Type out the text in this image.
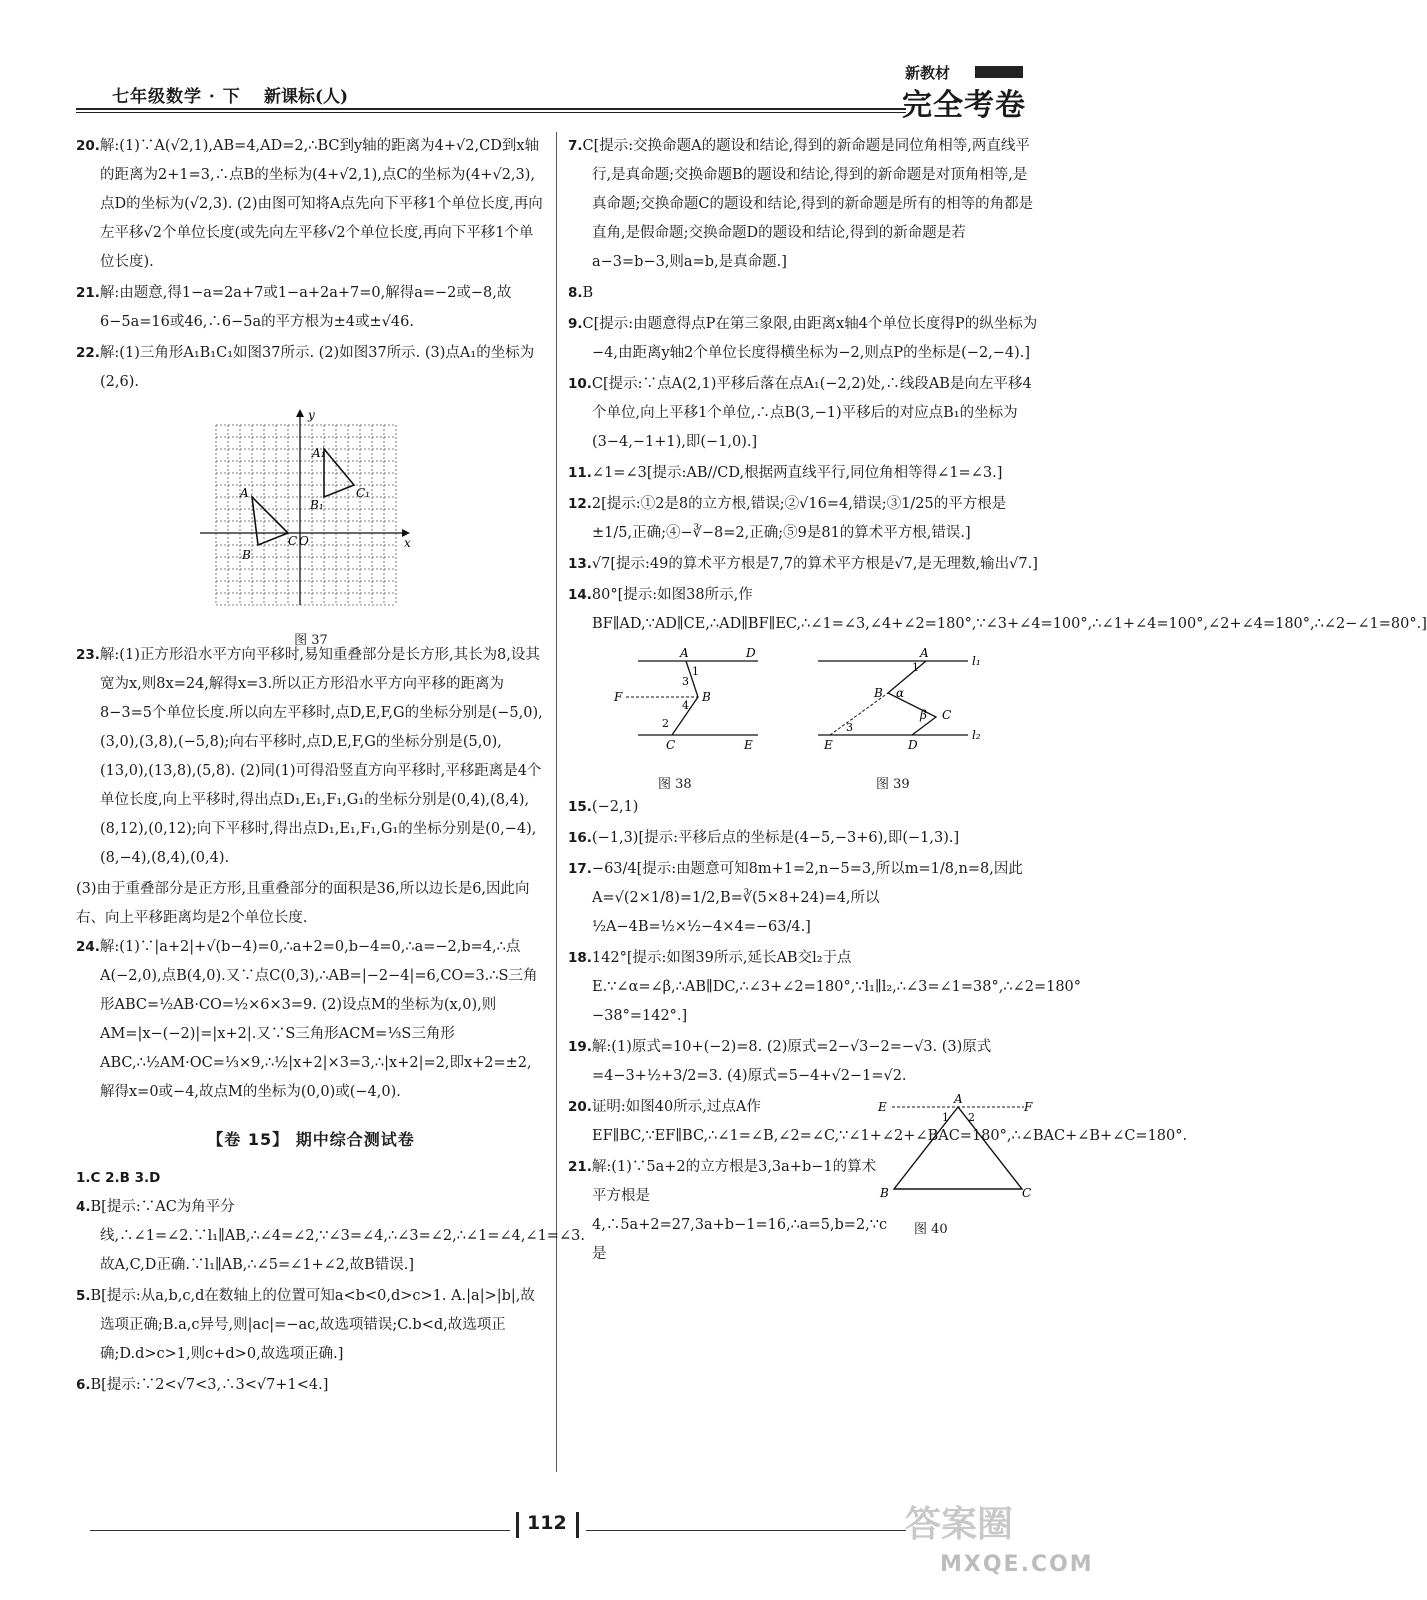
七年级数学 · 下 新课标(人)
新教材
完全考卷
20.解:(1)∵A(√2,1),AB=4,AD=2,∴BC到y轴的距离为4+√2,CD到x轴的距离为2+1=3,∴点B的坐标为(4+√2,1),点C的坐标为(4+√2,3),点D的坐标为(√2,3). (2)由图可知将A点先向下平移1个单位长度,再向左平移√2个单位长度(或先向左平移√2个单位长度,再向下平移1个单位长度).
21.解:由题意,得1−a=2a+7或1−a+2a+7=0,解得a=−2或−8,故6−5a=16或46,∴6−5a的平方根为±4或±√46.
22.解:(1)三角形A₁B₁C₁如图37所示. (2)如图37所示. (3)点A₁的坐标为(2,6).
y
x
A
B
C O
A₁
B₁
C₁
图 37
23.解:(1)正方形沿水平方向平移时,易知重叠部分是长方形,其长为8,设其宽为x,则8x=24,解得x=3.所以正方形沿水平方向平移的距离为8−3=5个单位长度.所以向左平移时,点D,E,F,G的坐标分别是(−5,0),(3,0),(3,8),(−5,8);向右平移时,点D,E,F,G的坐标分别是(5,0),(13,0),(13,8),(5,8). (2)同(1)可得沿竖直方向平移时,平移距离是4个单位长度,向上平移时,得出点D₁,E₁,F₁,G₁的坐标分别是(0,4),(8,4),(8,12),(0,12);向下平移时,得出点D₁,E₁,F₁,G₁的坐标分别是(0,−4),(8,−4),(8,4),(0,4).
(3)由于重叠部分是正方形,且重叠部分的面积是36,所以边长是6,因此向右、向上平移距离均是2个单位长度.
24.解:(1)∵|a+2|+√(b−4)=0,∴a+2=0,b−4=0,∴a=−2,b=4,∴点A(−2,0),点B(4,0).又∵点C(0,3),∴AB=|−2−4|=6,CO=3.∴S三角形ABC=½AB·CO=½×6×3=9. (2)设点M的坐标为(x,0),则AM=|x−(−2)|=|x+2|.又∵S三角形ACM=⅓S三角形ABC,∴½AM·OC=⅓×9,∴½|x+2|×3=3,∴|x+2|=2,即x+2=±2,解得x=0或−4,故点M的坐标为(0,0)或(−4,0).
【卷 15】 期中综合测试卷
1.C 2.B 3.D
4.B[提示:∵AC为角平分线,∴∠1=∠2.∵l₁∥AB,∴∠4=∠2,∵∠3=∠4,∴∠3=∠2,∴∠1=∠4,∠1=∠3.故A,C,D正确.∵l₁∥AB,∴∠5=∠1+∠2,故B错误.]
5.B[提示:从a,b,c,d在数轴上的位置可知a<b<0,d>c>1. A.|a|>|b|,故选项正确;B.a,c异号,则|ac|=−ac,故选项错误;C.b<d,故选项正确;D.d>c>1,则c+d>0,故选项正确.]
6.B[提示:∵2<√7<3,∴3<√7+1<4.]
7.C[提示:交换命题A的题设和结论,得到的新命题是同位角相等,两直线平行,是真命题;交换命题B的题设和结论,得到的新命题是对顶角相等,是真命题;交换命题C的题设和结论,得到的新命题是所有的相等的角都是直角,是假命题;交换命题D的题设和结论,得到的新命题是若a−3=b−3,则a=b,是真命题.]
8.B
9.C[提示:由题意得点P在第三象限,由距离x轴4个单位长度得P的纵坐标为−4,由距离y轴2个单位长度得横坐标为−2,则点P的坐标是(−2,−4).]
10.C[提示:∵点A(2,1)平移后落在点A₁(−2,2)处,∴线段AB是向左平移4个单位,向上平移1个单位,∴点B(3,−1)平移后的对应点B₁的坐标为(3−4,−1+1),即(−1,0).]
11.∠1=∠3[提示:AB//CD,根据两直线平行,同位角相等得∠1=∠3.]
12.2[提示:①2是8的立方根,错误;②√16=4,错误;③1/25的平方根是±1/5,正确;④−∛−8=2,正确;⑤9是81的算术平方根,错误.]
13.√7[提示:49的算术平方根是7,7的算术平方根是√7,是无理数,输出√7.]
14.80°[提示:如图38所示,作BF∥AD,∵AD∥CE,∴AD∥BF∥EC,∴∠1=∠3,∠4+∠2=180°,∵∠3+∠4=100°,∴∠1+∠4=100°,∠2+∠4=180°,∴∠2−∠1=80°.]
A	D
F	B
C	E
1
2
3
4
A
l₁
B α
β C
E	D
l₂
1
3
图 38	图 39
15.(−2,1)
16.(−1,3)[提示:平移后点的坐标是(4−5,−3+6),即(−1,3).]
17.−63/4[提示:由题意可知8m+1=2,n−5=3,所以m=1/8,n=8,因此A=√(2×1/8)=1/2,B=∛(5×8+24)=4,所以½A−4B=½×½−4×4=−63/4.]
18.142°[提示:如图39所示,延长AB交l₂于点E.∵∠α=∠β,∴AB∥DC,∴∠3+∠2=180°,∵l₁∥l₂,∴∠3=∠1=38°,∴∠2=180°−38°=142°.]
19.解:(1)原式=10+(−2)=8. (2)原式=2−√3−2=−√3. (3)原式=4−3+½+3/2=3. (4)原式=5−4+√2−1=√2.
20.证明:如图40所示,过点A作EF∥BC,∵EF∥BC,∴∠1=∠B,∠2=∠C,∵∠1+∠2+∠BAC=180°,∴∠BAC+∠B+∠C=180°.
E
A
F
1 2
B	C
图 40
21.解:(1)∵5a+2的立方根是3,3a+b−1的算术平方根是4,∴5a+2=27,3a+b−1=16,∴a=5,b=2,∵c是
112	答案圈
MXQE.COM
